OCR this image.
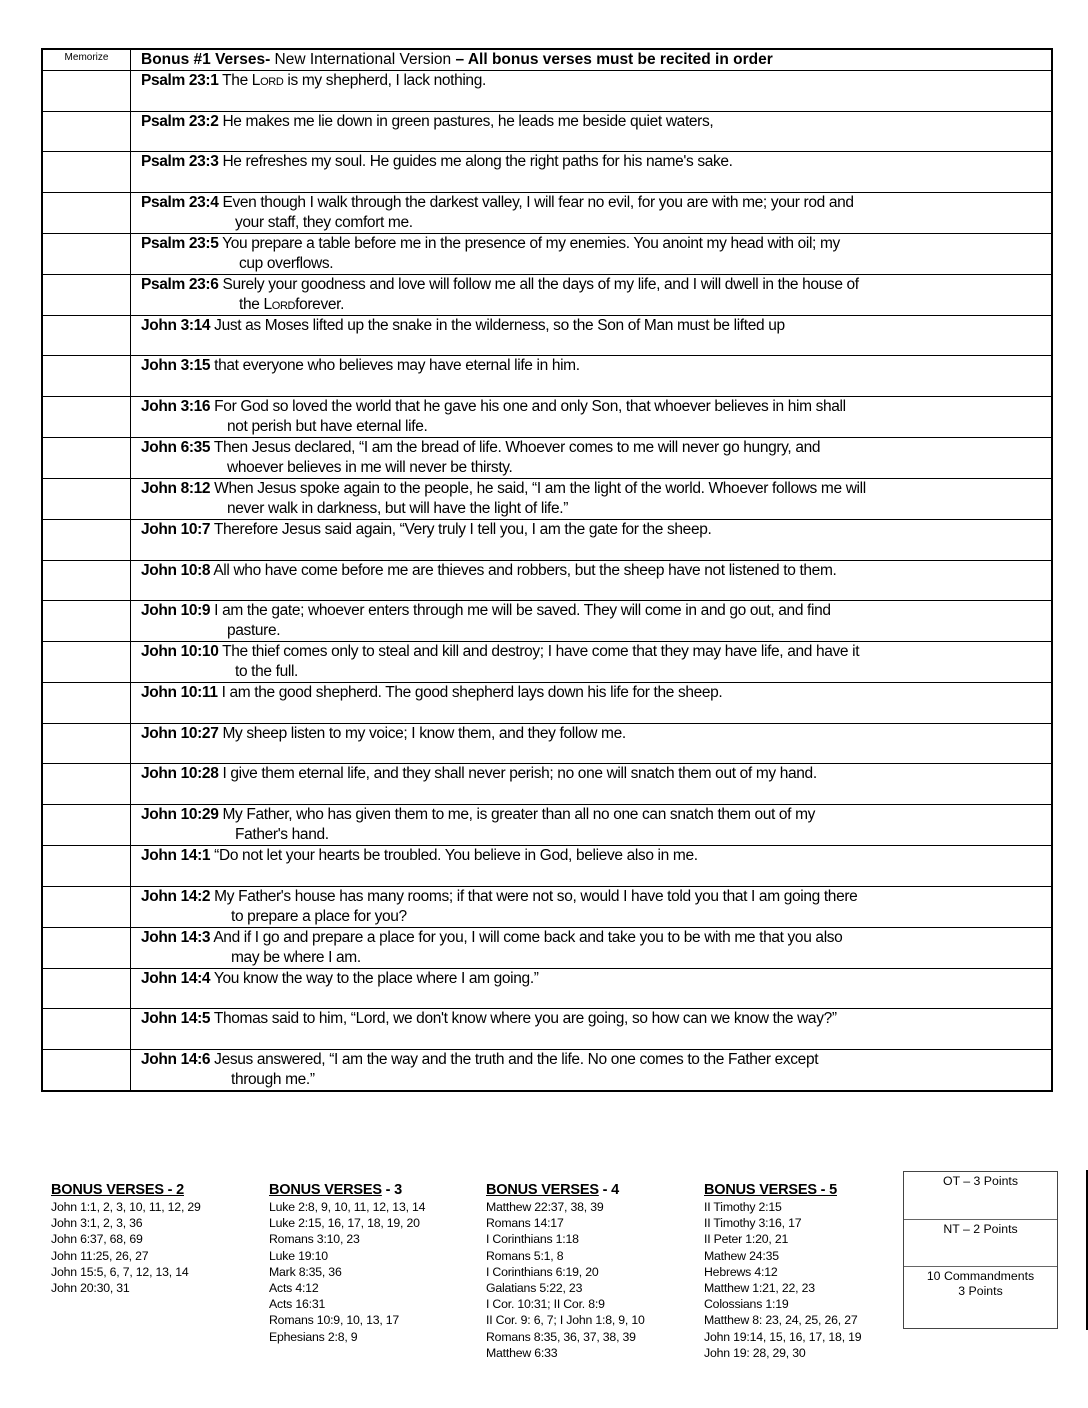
Memorize	Bonus #1 Verses- New International Version – All bonus verses must be recited in order

	Psalm 23:1 The Lord is my shepherd, I lack nothing.

	Psalm 23:2 He makes me lie down in green pastures, he leads me beside quiet waters,

	Psalm 23:3 He refreshes my soul. He guides me along the right paths for his name's sake.

	Psalm 23:4 Even though I walk through the darkest valley, I will fear no evil, for you are with me; your rod and
your staff, they comfort me.

	Psalm 23:5 You prepare a table before me in the presence of my enemies. You anoint my head with oil; my
cup overflows.

	Psalm 23:6 Surely your goodness and love will follow me all the days of my life, and I will dwell in the house of
the Lordforever.

	John 3:14 Just as Moses lifted up the snake in the wilderness, so the Son of Man must be lifted up

	John 3:15 that everyone who believes may have eternal life in him.

	John 3:16 For God so loved the world that he gave his one and only Son, that whoever believes in him shall
not perish but have eternal life.

	John 6:35 Then Jesus declared, “I am the bread of life. Whoever comes to me will never go hungry, and
whoever believes in me will never be thirsty.

	John 8:12 When Jesus spoke again to the people, he said, “I am the light of the world. Whoever follows me will
never walk in darkness, but will have the light of life.”

	John 10:7 Therefore Jesus said again, “Very truly I tell you, I am the gate for the sheep.

	John 10:8 All who have come before me are thieves and robbers, but the sheep have not listened to them.

	John 10:9 I am the gate; whoever enters through me will be saved. They will come in and go out, and find
pasture.

	John 10:10 The thief comes only to steal and kill and destroy; I have come that they may have life, and have it
to the full.

	John 10:11 I am the good shepherd. The good shepherd lays down his life for the sheep.

	John 10:27 My sheep listen to my voice; I know them, and they follow me.

	John 10:28 I give them eternal life, and they shall never perish; no one will snatch them out of my hand.

	John 10:29 My Father, who has given them to me, is greater than all no one can snatch them out of my
Father's hand.

	John 14:1 “Do not let your hearts be troubled. You believe in God, believe also in me.

	John 14:2 My Father's house has many rooms; if that were not so, would I have told you that I am going there
to prepare a place for you?

	John 14:3 And if I go and prepare a place for you, I will come back and take you to be with me that you also
may be where I am.

	John 14:4 You know the way to the place where I am going.”

	John 14:5 Thomas said to him, “Lord, we don't know where you are going, so how can we know the way?”

	John 14:6 Jesus answered, “I am the way and the truth and the life. No one comes to the Father except
through me.”
BONUS VERSES - 2
John 1:1, 2, 3, 10, 11, 12, 29
John 3:1, 2, 3, 36
John 6:37, 68, 69
John 11:25, 26, 27
John 15:5, 6, 7, 12, 13, 14
John 20:30, 31
BONUS VERSES - 3
Luke 2:8, 9, 10, 11, 12, 13, 14
Luke 2:15, 16, 17, 18, 19, 20
Romans 3:10, 23
Luke 19:10
Mark 8:35, 36
Acts 4:12
Acts 16:31
Romans 10:9, 10, 13, 17
Ephesians 2:8, 9
BONUS VERSES - 4
Matthew 22:37, 38, 39
Romans 14:17
I Corinthians 1:18
Romans 5:1, 8
I Corinthians 6:19, 20
Galatians 5:22, 23
I Cor. 10:31; II Cor. 8:9
II Cor. 9: 6, 7; I John 1:8, 9, 10
Romans 8:35, 36, 37, 38, 39
Matthew 6:33
BONUS VERSES - 5
II Timothy 2:15
II Timothy 3:16, 17
II Peter 1:20, 21
Mathew 24:35
Hebrews 4:12
Matthew 1:21, 22, 23
Colossians 1:19
Matthew 8: 23, 24, 25, 26, 27
John 19:14, 15, 16, 17, 18, 19
John 19: 28, 29, 30
OT – 3 Points
NT – 2 Points
10 Commandments
3 Points
